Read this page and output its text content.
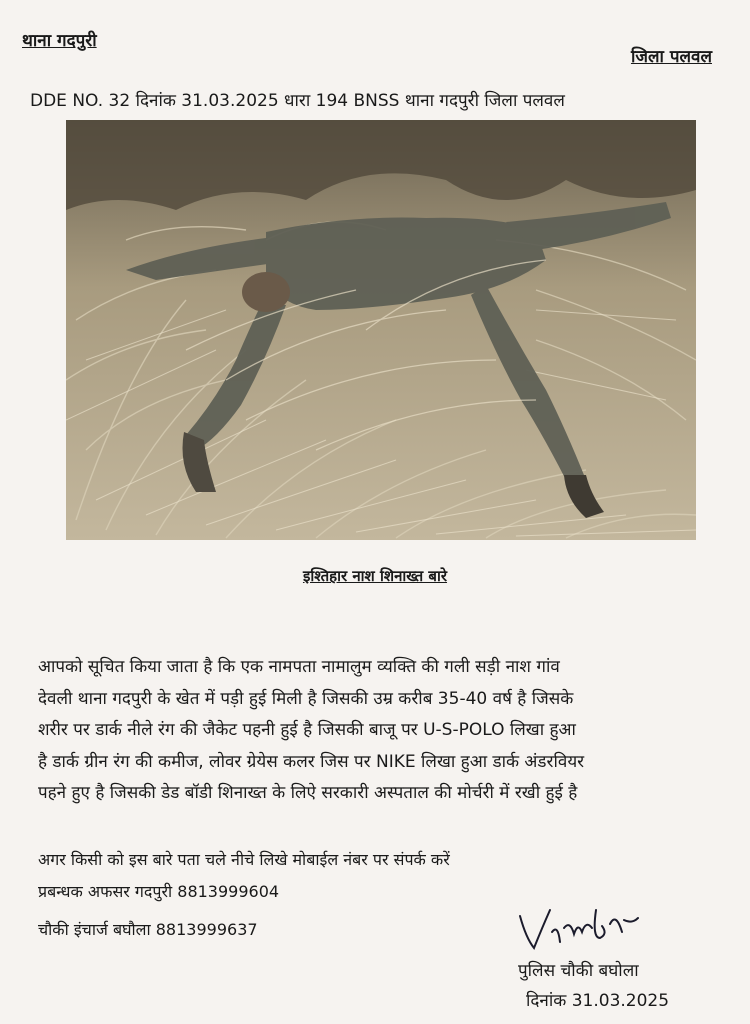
थाना गदपुरी
जिला पलवल
DDE NO. 32 दिनांक 31.03.2025 धारा 194 BNSS थाना गदपुरी जिला पलवल
इश्तिहार नाश शिनाख्त बारे

आपको सूचित किया जाता है कि एक नामपता नामालुम व्यक्ति की गली सड़ी नाश गांव

देवली थाना गदपुरी के खेत में पड़ी हुई मिली है जिसकी उम्र करीब 35-40 वर्ष है जिसके

शरीर पर डार्क नीले रंग की जैकेट पहनी हुई है जिसकी बाजू पर U-S-POLO लिखा हुआ

है डार्क ग्रीन रंग की कमीज, लोवर ग्रेयेस कलर जिस पर NIKE लिखा हुआ डार्क अंडरवियर

पहने हुए है जिसकी डेड बॉडी शिनाख्त के लिऐ सरकारी अस्पताल की मोर्चरी में रखी हुई है

अगर किसी को इस बारे पता चले नीचे लिखे मोबाईल नंबर पर संपर्क करें
प्रबन्धक अफसर गदपुरी 8813999604
चौकी इंचार्ज बघौला 8813999637
पुलिस चौकी बघोला
दिनांक 31.03.2025
